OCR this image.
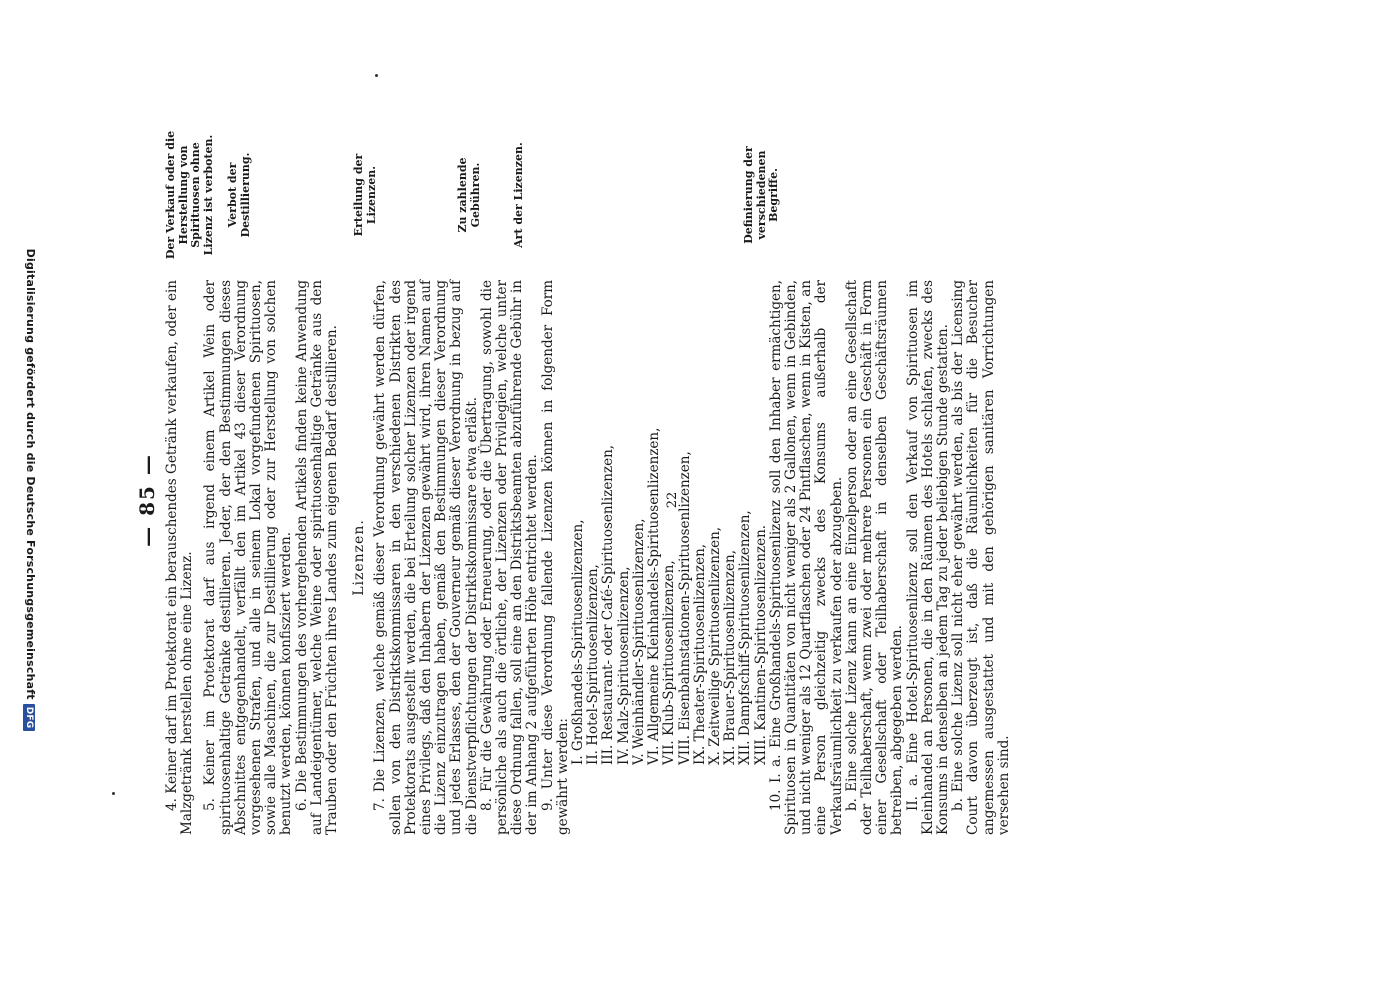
— 85 — 4. Keiner darf im Protektorat ein berauschendes Getränk verkaufen, oder ein Malzgetränk herstellen ohne eine Lizenz. 5. Keiner im Protektorat darf aus irgend einem Artikel Wein oder spirituosenhaltige Getränke destillieren. Jeder, der den Bestimmungen dieses Abschnittes entgegenhandelt, verfällt den im Artikel 43 dieser Verordnung vorgesehenen Strafen, und alle in seinem Lokal vorgefundenen Spirituosen, sowie alle Maschinen, die zur Destillierung oder zur Herstellung von solchen benutzt werden, können konfisziert werden. 6. Die Bestimmungen des vorhergehenden Artikels finden keine Anwendung auf Landeigentümer, welche Weine oder spirituosenhaltige Getränke aus den Trauben oder den Früchten ihres Landes zum eigenen Bedarf destillieren. Lizenzen. 7. Die Lizenzen, welche gemäß dieser Verordnung gewährt werden dürfen, sollen von den Distriktskommissaren in den verschiedenen Distrikten des Protektorats ausgestellt werden, die bei Erteilung solcher Lizenzen oder irgend eines Privilegs, daß den Inhabern der Lizenzen gewährt wird, ihren Namen auf die Lizenz einzutragen haben, gemäß den Bestimmungen dieser Verordnung und jedes Erlasses, den der Gouverneur gemäß dieser Verordnung in bezug auf die Dienstverpflichtungen der Distriktskommissare etwa erläßt. 8. Für die Gewährung oder Erneuerung, oder die Übertragung, sowohl die persönliche als auch die örtliche, der Lizenzen oder Privilegien, welche unter diese Ordnung fallen, soll eine an den Distriktsbeamten abzuführende Gebühr in der im Anhang 2 aufgeführten Höhe entrichtet werden. 9. Unter diese Verordnung fallende Lizenzen können in folgender Form gewährt werden:

I. Großhandels-Spirituosenlizenzen, II. Hotel-Spirituosenlizenzen, III. Restaurant- oder Café-Spirituosenlizenzen, IV. Malz-Spirituosenlizenzen, V. Weinhändler-Spirituosenlizenzen, VI. Allgemeine Kleinhandels-Spirituosenlizenzen, VII. Klub-Spirituosenlizenzen, VIII. Eisenbahnstationen-Spirituosenlizenzen, IX. Theater-Spirituosenlizenzen, X. Zeitweilige Spirituosenlizenzen, XI. Brauer-Spirituosenlizenzen, XII. Dampfschiff-Spirituosenlizenzen, XIII. Kantinen-Spirituosenlizenzen. 10. I. a. Eine Großhandels-Spirituosenlizenz soll den Inhaber ermächtigen, Spirituosen in Quantitäten von nicht weniger als 2 Gallonen, wenn in Gebinden, und nicht weniger als 12 Quartflaschen oder 24 Pintflaschen, wenn in Kisten, an eine Person gleichzeitig zwecks des Konsums außerhalb der Verkaufsräumlichkeit zu verkaufen oder abzugeben. b. Eine solche Lizenz kann an eine Einzelperson oder an eine Gesellschaft oder Teilhaberschaft, wenn zwei oder mehrere Personen ein Geschäft in Form einer Gesellschaft oder Teilhaberschaft in denselben Geschäftsräumen betreiben, abgegeben werden. II. a. Eine Hotel-Spirituosenlizenz soll den Verkauf von Spirituosen im Kleinhandel an Personen, die in den Räumen des Hotels schlafen, zwecks des Konsums in denselben an jedem Tag zu jeder beliebigen Stunde gestatten. b. Eine solche Lizenz soll nicht eher gewährt werden, als bis der Licensing Court davon überzeugt ist, daß die Räumlichkeiten für die Besucher angemessen ausgestattet und mit den gehörigen sanitären Vorrichtungen versehen sind.

Der Verkauf oder die Herstellung von Spirituosen ohne Lizenz ist verboten. Verbot der Destillierung.	Erteilung der Lizenzen.	Zu zahlende Gebühren.	Art der Lizenzen.	Definierung der verschiedenen Begriffe.
22
Digitalisierung gefördert durch die Deutsche ForschungsgemeinschaftDFG
